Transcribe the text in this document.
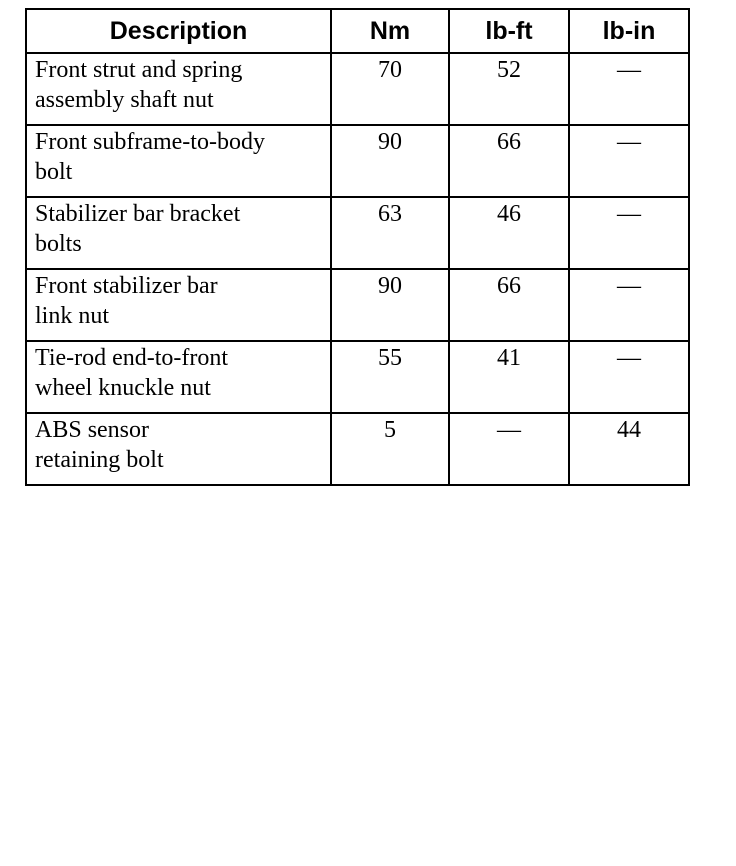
Description	Nm	lb-ft	lb-in

Front strut and spring
assembly shaft nut	70	52	—

Front subframe-to-body
bolt	90	66	—

Stabilizer bar bracket
bolts	63	46	—

Front stabilizer bar
link nut	90	66	—

Tie-rod end-to-front
wheel knuckle nut	55	41	—

ABS sensor
retaining bolt	5	—	44
